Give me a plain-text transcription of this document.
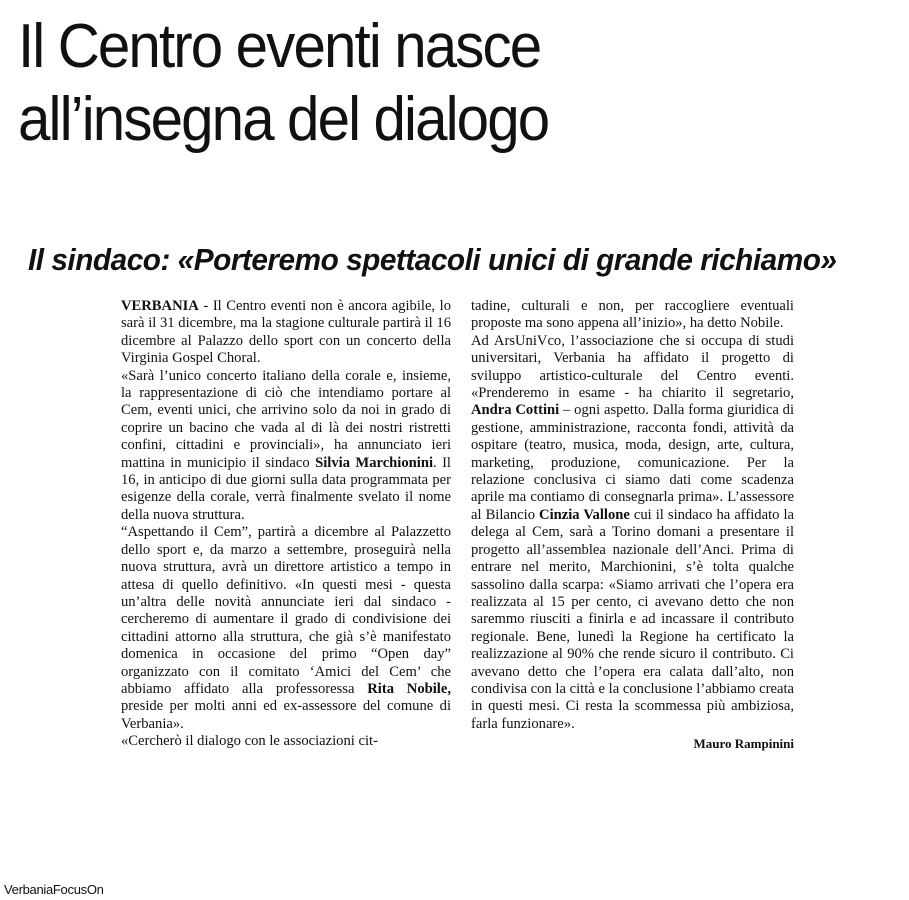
Il Centro eventi nasce
all’insegna del dialogo
Il sindaco: «Porteremo spettacoli unici di grande richiamo»

VERBANIA - Il Centro eventi non è ancora agibile, lo sarà il 31 dicembre, ma la stagione culturale partirà il 16 dicembre al Palazzo dello sport con un concerto della Virginia Gospel Choral.

«Sarà l’unico concerto italiano della corale e, insieme, la rappresentazione di ciò che intendiamo portare al Cem, eventi unici, che arrivino solo da noi in grado di coprire un bacino che vada al di là dei nostri ristretti confini, cittadini e provinciali», ha annunciato ieri mattina in municipio il sindaco Silvia Marchionini. Il 16, in anticipo di due giorni sulla data programmata per esigenze della corale, verrà finalmente svelato il nome della nuova struttura.

“Aspettando il Cem”, partirà a dicembre al Palazzetto dello sport e, da marzo a settembre, proseguirà nella nuova struttura, avrà un direttore artistico a tempo in attesa di quello definitivo. «In questi mesi - questa un’altra delle novità annunciate ieri dal sindaco - cercheremo di aumentare il grado di condivisione dei cittadini attorno alla struttura, che già s’è manifestato domenica in occasione del primo “Open day” organizzato con il comitato ‘Amici del Cem’ che abbiamo affidato alla professoressa Rita Nobile, preside per molti anni ed ex-assessore del comune di Verbania».

«Cercherò il dialogo con le associazioni cit-

tadine, culturali e non, per raccogliere eventuali proposte ma sono appena all’inizio», ha detto Nobile.

Ad ArsUniVco, l’associazione che si occupa di studi universitari, Verbania ha affidato il progetto di sviluppo artistico-culturale del Centro eventi. «Prenderemo in esame - ha chiarito il segretario, Andra Cottini – ogni aspetto. Dalla forma giuridica di gestione, amministrazione, racconta fondi, attività da ospitare (teatro, musica, moda, design, arte, cultura, marketing, produzione, comunicazione. Per la relazione conclusiva ci siamo dati come scadenza aprile ma contiamo di consegnarla prima». L’assessore al Bilancio Cinzia Vallone cui il sindaco ha affidato la delega al Cem, sarà a Torino domani a presentare il progetto all’assemblea nazionale dell’Anci. Prima di entrare nel merito, Marchionini, s’è tolta qualche sassolino dalla scarpa: «Siamo arrivati che l’opera era realizzata al 15 per cento, ci avevano detto che non saremmo riusciti a finirla e ad incassare il contributo regionale. Bene, lunedì la Regione ha certificato la realizzazione al 90% che rende sicuro il contributo. Ci avevano detto che l’opera era calata dall’alto, non condivisa con la città e la conclusione l’abbiamo creata in questi mesi. Ci resta la scommessa più ambiziosa, farla funzionare».

Mauro Rampinini

VerbaniaFocusOn
